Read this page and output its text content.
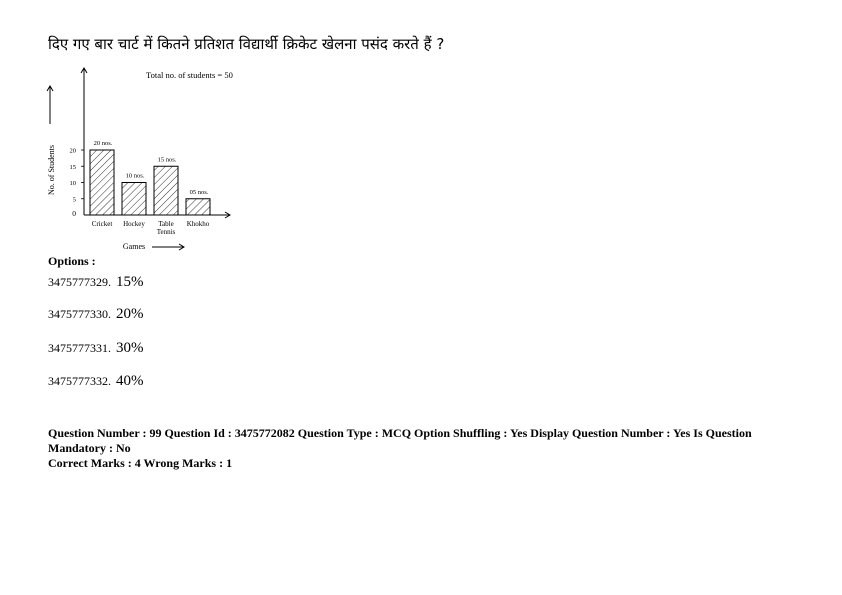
दिए गए बार चार्ट में कितने प्रतिशत विद्यार्थी क्रिकेट खेलना पसंद करते हैं ?
0
5
10
15
20
No. of Students
20 nos.
Cricket
10 nos.
Hockey
15 nos.
Table
Tennis
05 nos.
Khokho
Total no. of students = 50
Games
Options :
3475777329. 15%
3475777330. 20%
3475777331. 30%
3475777332. 40%
Question Number : 99 Question Id : 3475772082 Question Type : MCQ Option Shuffling : Yes Display Question Number : Yes Is Question Mandatory : No
Correct Marks : 4 Wrong Marks : 1
